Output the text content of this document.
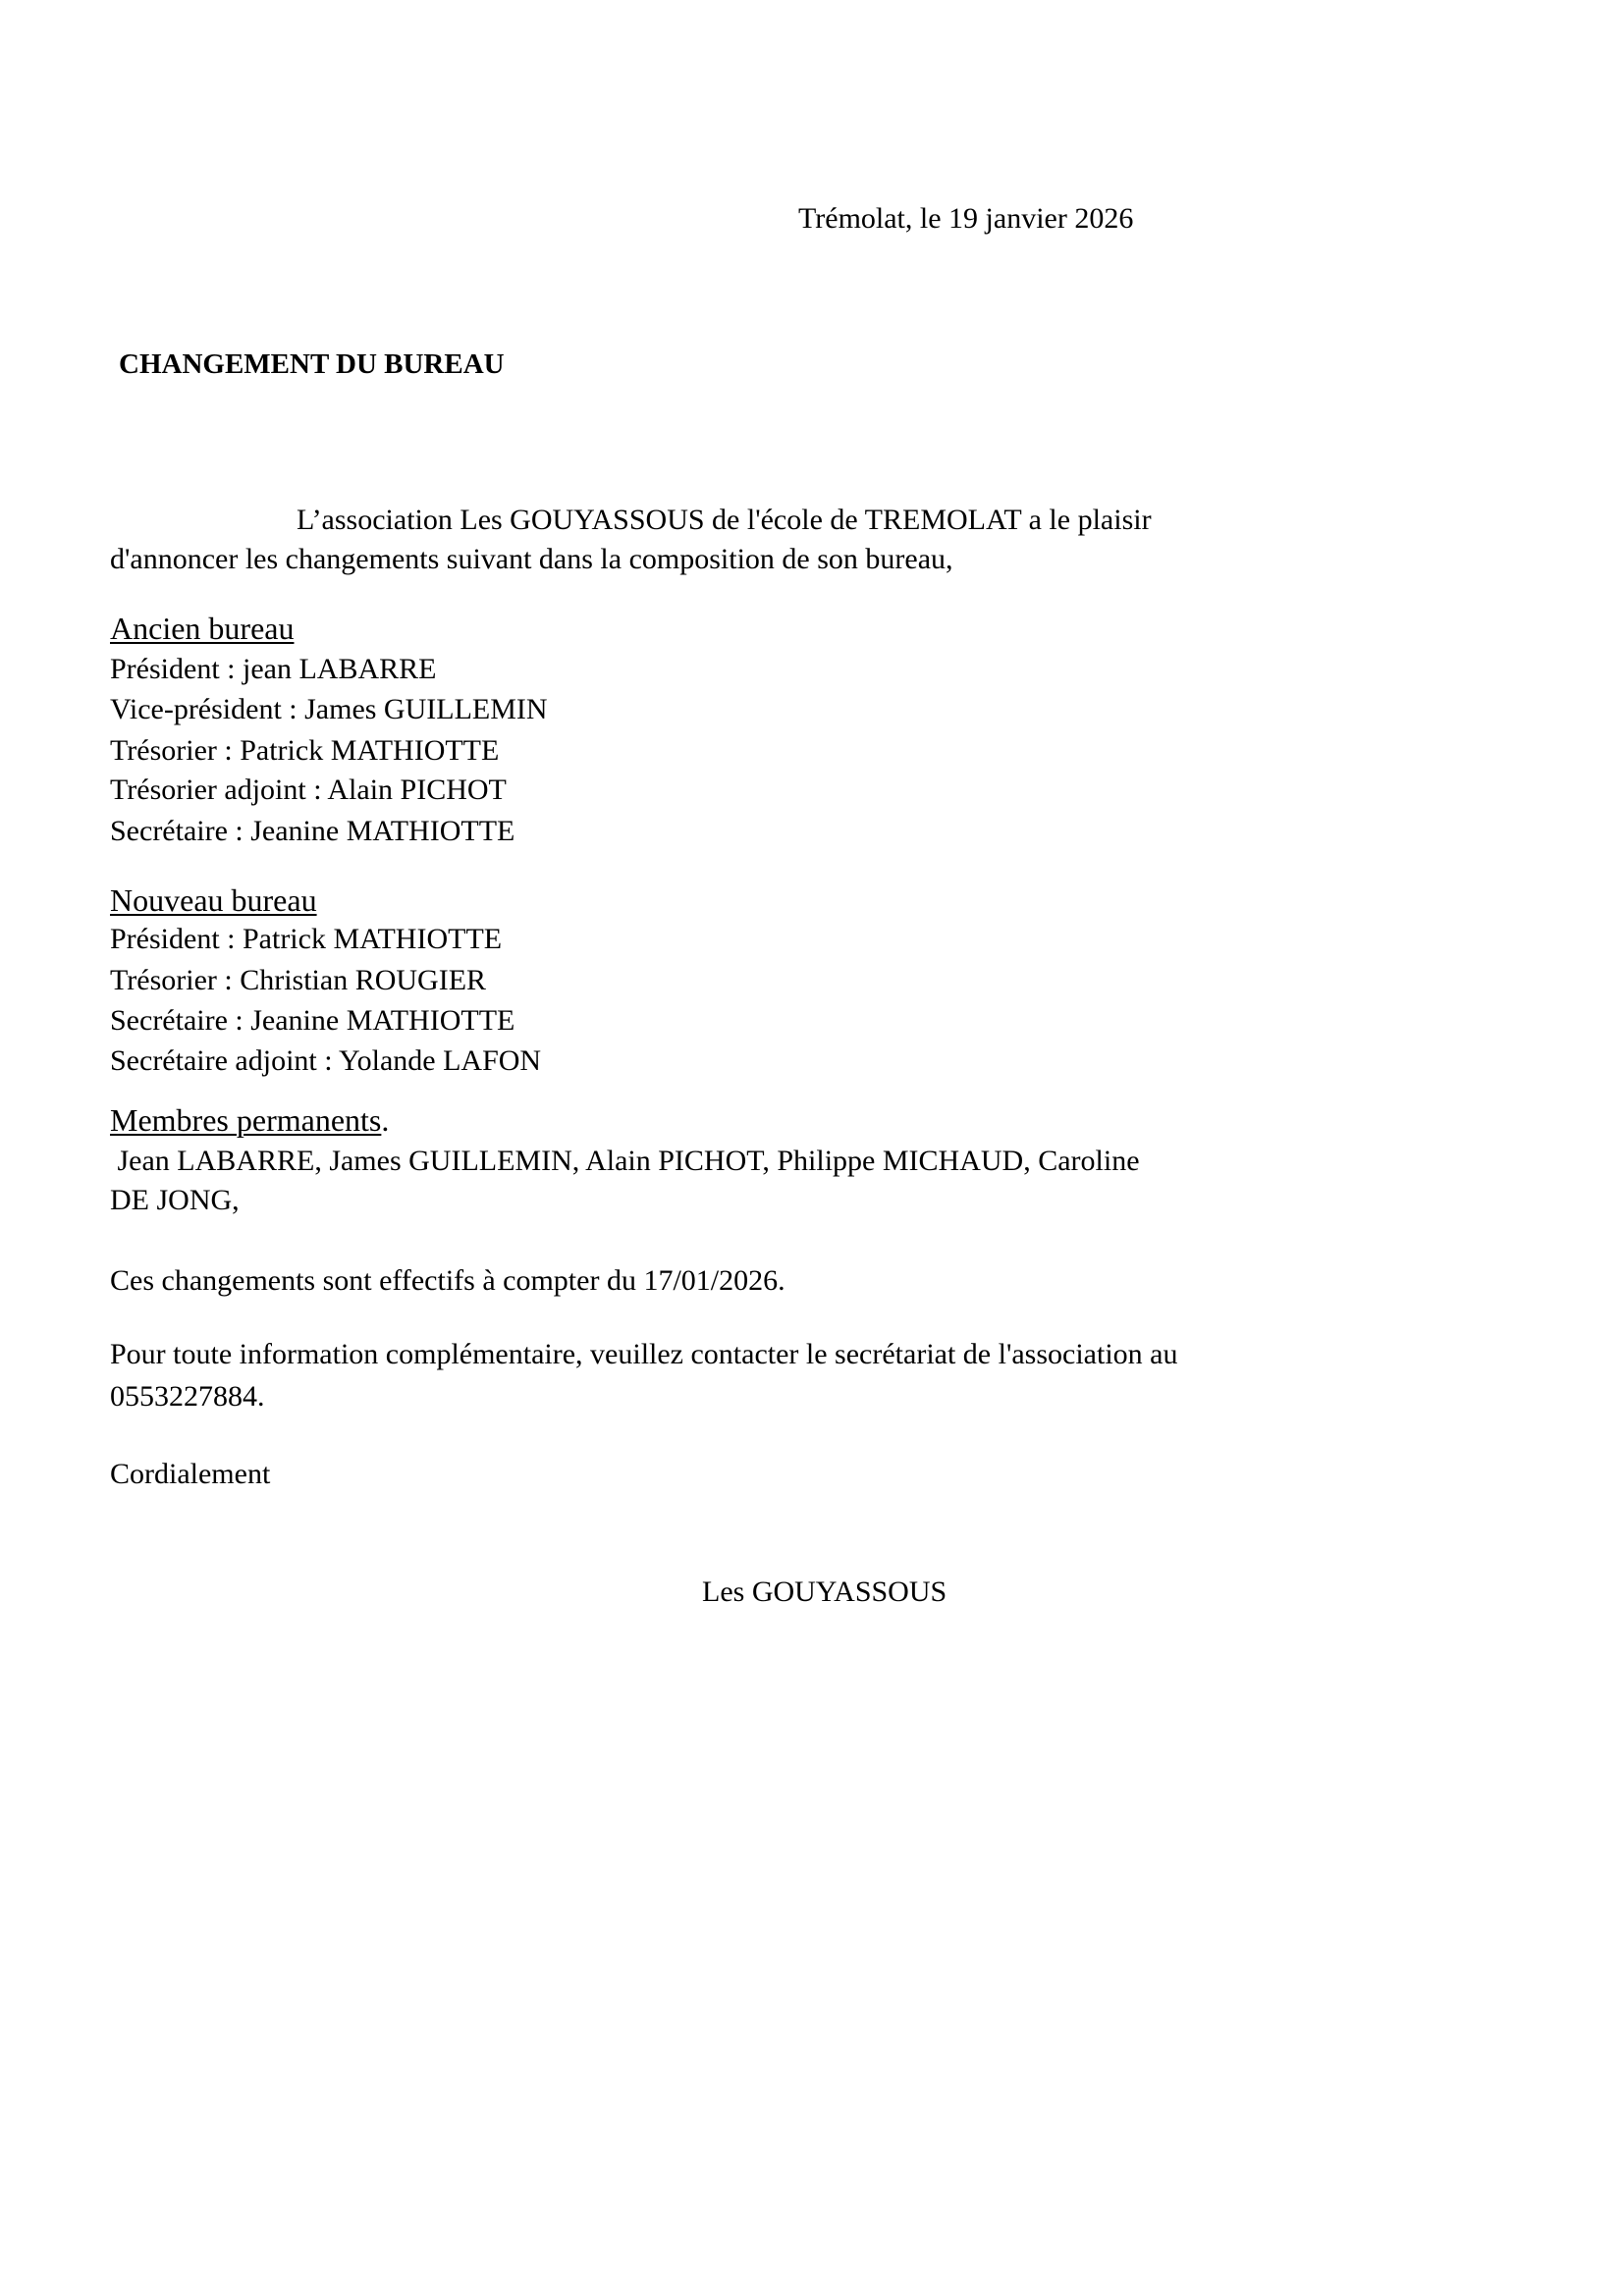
Trémolat, le 19 janvier 2026
CHANGEMENT DU BUREAU
L’association Les GOUYASSOUS de l'école de TREMOLAT a le plaisir
d'annoncer les changements suivant dans la composition de son bureau,
Ancien bureau
Président : jean LABARRE
Vice-président : James GUILLEMIN
Trésorier : Patrick MATHIOTTE
Trésorier adjoint : Alain PICHOT
Secrétaire : Jeanine MATHIOTTE
Nouveau bureau
Président : Patrick MATHIOTTE
Trésorier : Christian ROUGIER
Secrétaire : Jeanine MATHIOTTE
Secrétaire adjoint : Yolande LAFON
Membres permanents.
Jean LABARRE, James GUILLEMIN, Alain PICHOT, Philippe MICHAUD, Caroline
DE JONG,
Ces changements sont effectifs à compter du 17/01/2026.
Pour toute information complémentaire, veuillez contacter le secrétariat de l'association au
0553227884.
Cordialement
Les GOUYASSOUS
